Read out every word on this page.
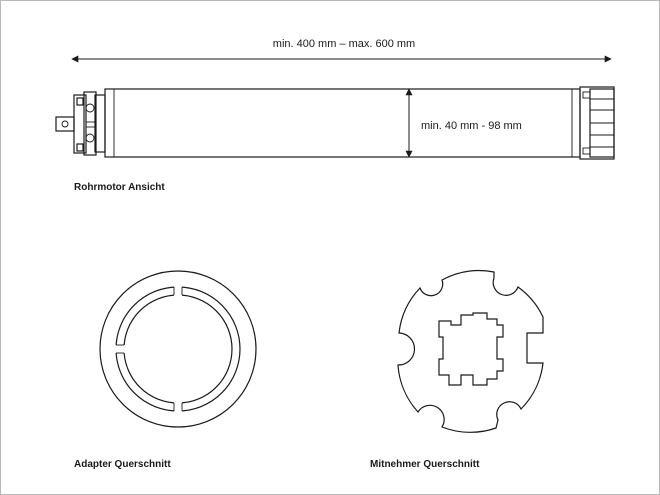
min. 400 mm – max. 600 mm
min. 40 mm - 98 mm
Rohrmotor Ansicht
Adapter Querschnitt	Mitnehmer Querschnitt
